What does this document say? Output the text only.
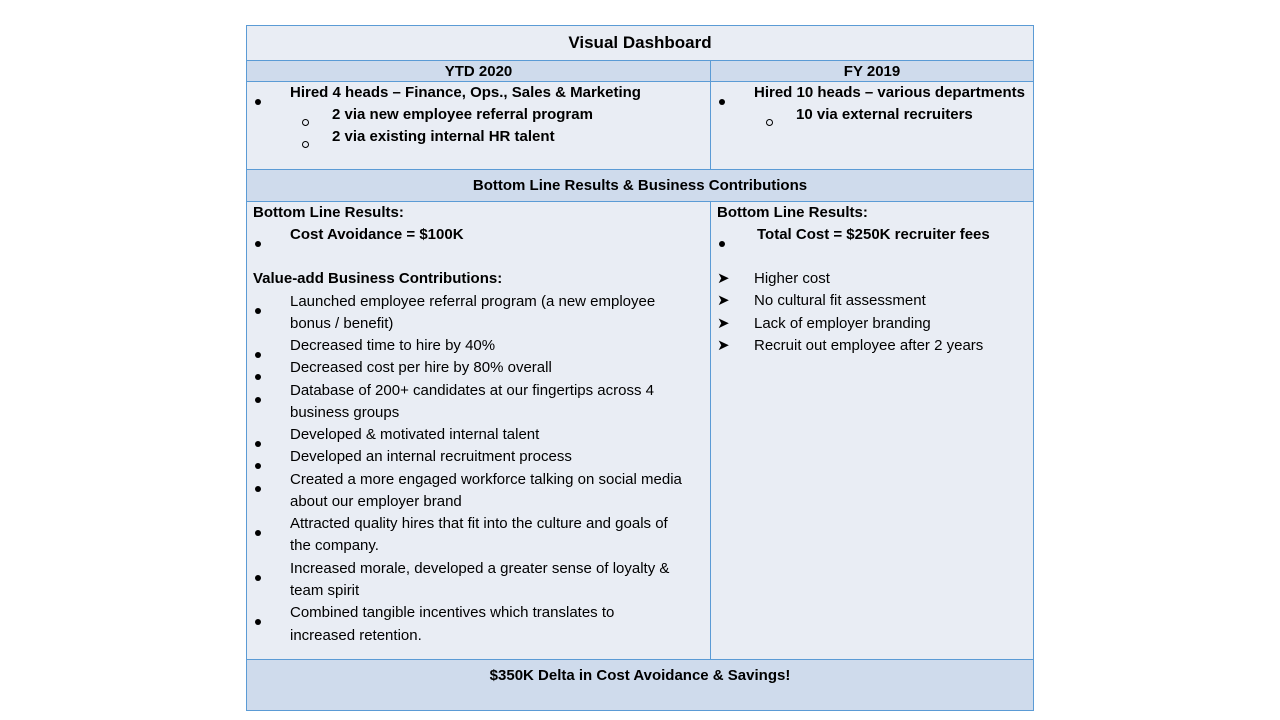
Visual Dashboard
YTD 2020	FY 2019
Hired 4 heads – Finance, Ops., Sales & Marketing
2 via new employee referral program
2 via existing internal HR talent
Hired 10 heads – various departments
10 via external recruiters
Bottom Line Results & Business Contributions
Bottom Line Results:
Cost Avoidance = $100K
Value-add Business Contributions:
Launched employee referral program (a new employee
bonus / benefit)
Decreased time to hire by 40%
Decreased cost per hire by 80% overall
Database of 200+ candidates at our fingertips across 4
business groups
Developed & motivated internal talent
Developed an internal recruitment process
Created a more engaged workforce talking on social media
about our employer brand
Attracted quality hires that fit into the culture and goals of
the company.
Increased morale, developed a greater sense of loyalty &
team spirit
Combined tangible incentives which translates to
increased retention.
Bottom Line Results:
Total Cost = $250K recruiter fees
➤ Higher cost
➤ No cultural fit assessment
➤ Lack of employer branding
➤ Recruit out employee after 2 years
$350K Delta in Cost Avoidance & Savings!
